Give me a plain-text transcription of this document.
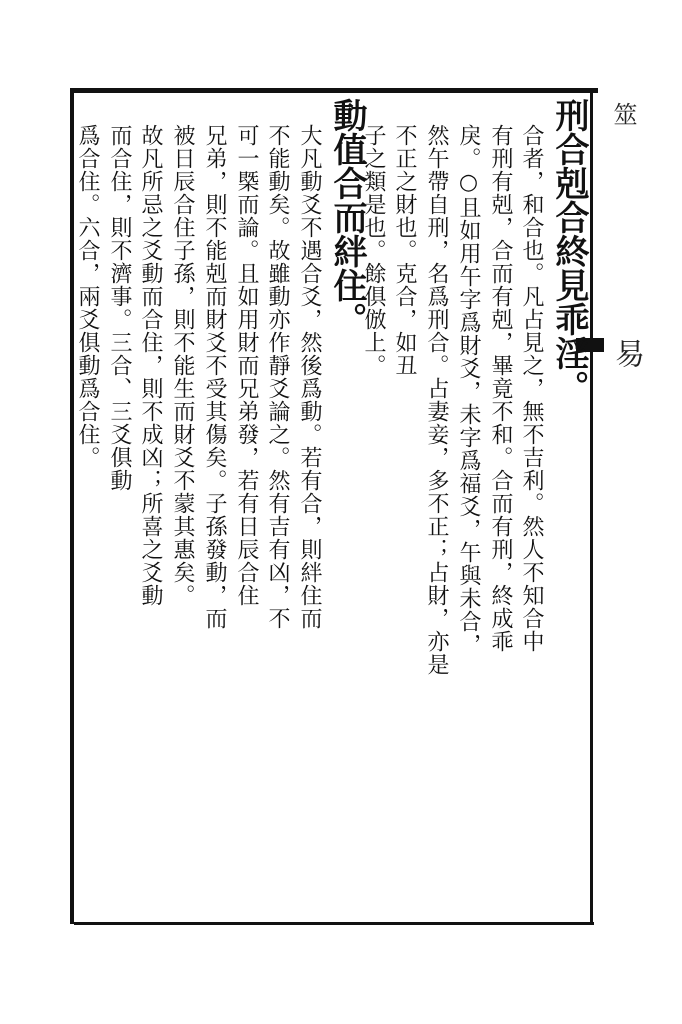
筮
易
刑合剋合終見乖淫。
合者，和合也。凡占見之，無不吉利。然人不知合中
有刑有剋，合而有剋，畢竟不和。合而有刑，終成乖
戾。○且如用午字爲財爻，未字爲福爻，午與未合，
然午帶自刑，名爲刑合。占妻妾，多不正；占財，亦是
不正之財也。克合，如丑
子之類是也。餘俱倣上。
動值合而絆住。
大凡動爻不遇合爻，然後爲動。若有合，則絆住而
不能動矣。故雖動亦作靜爻論之。然有吉有凶，不
可一槩而論。且如用財而兄弟發，若有日辰合住
兄弟，則不能剋而財爻不受其傷矣。子孫發動，而
被日辰合住子孫，則不能生而財爻不蒙其惠矣。
故凡所忌之爻動而合住，則不成凶；所喜之爻動
而合住，則不濟事。三合、三爻俱動
爲合住。六合，兩爻俱動爲合住。
